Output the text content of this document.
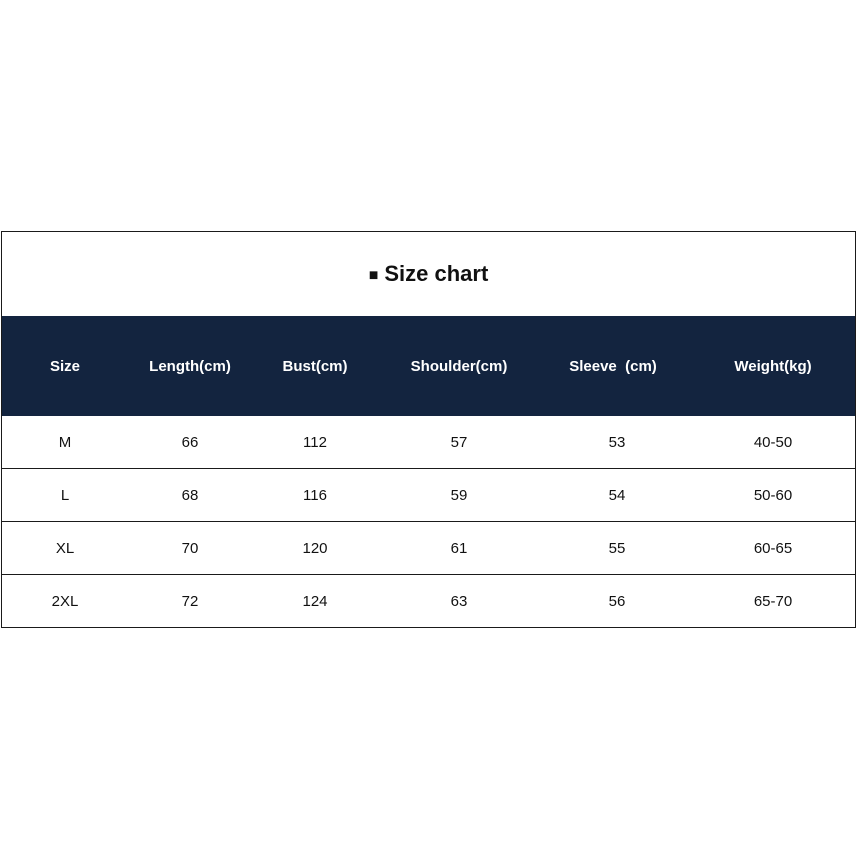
■ Size chart
Size	Length(cm)	Bust(cm)	Shoulder(cm)	Sleeve  (cm)	Weight(kg)
M	66	112	57	53	40-50
L	68	116	59	54	50-60
XL	70	120	61	55	60-65
2XL	72	124	63	56	65-70
